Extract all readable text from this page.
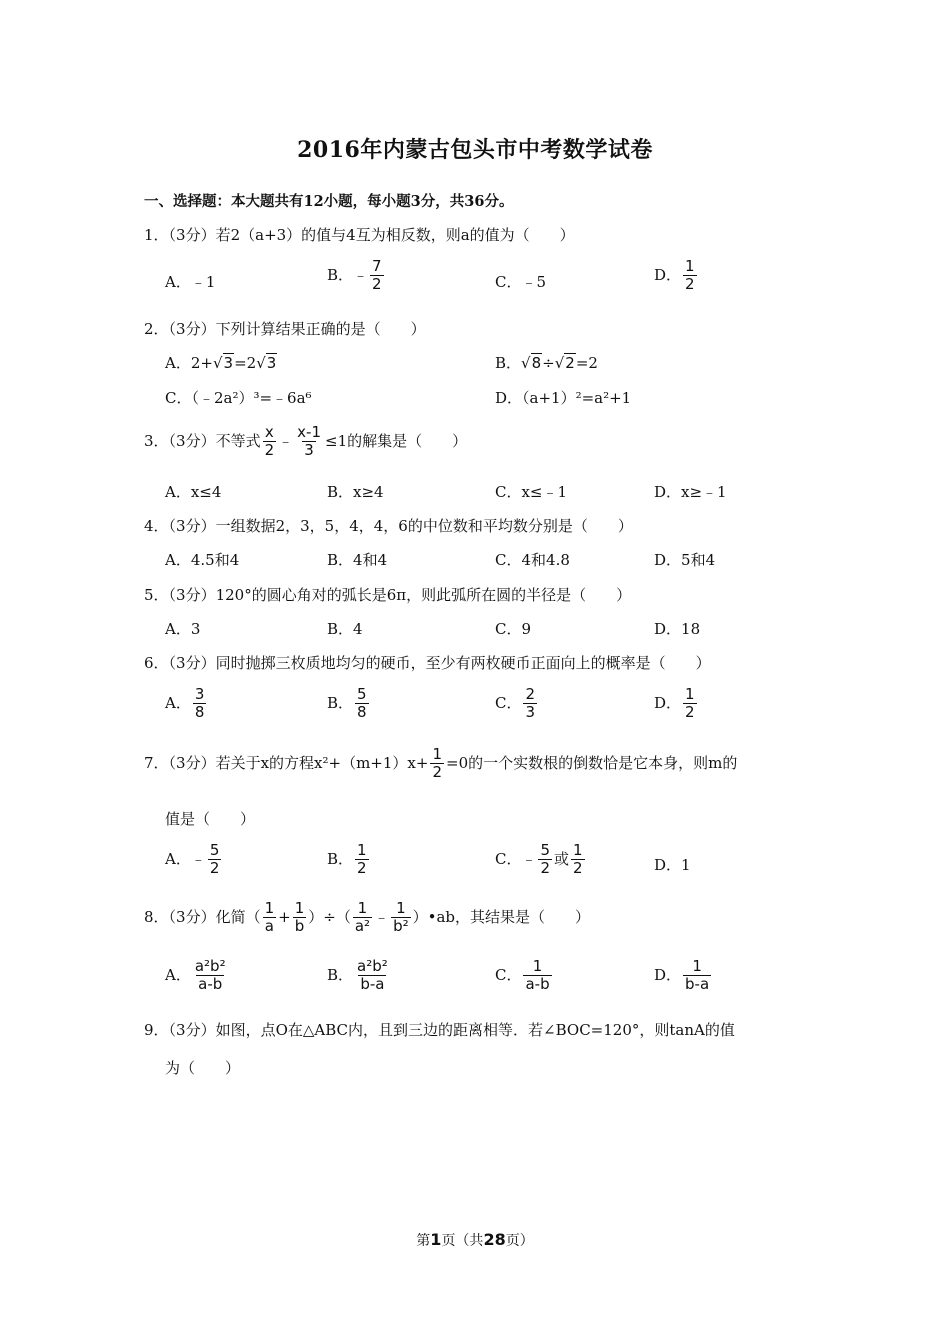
2016年内蒙古包头市中考数学试卷
一、选择题：本大题共有12小题，每小题3分，共36分。
1．（3分）若2（a+3）的值与4互为相反数，则a的值为（　　）
A．﹣1	B．﹣ $\frac{7}{2}$	C．﹣5	D． $\frac{1}{2}$
2．（3分）下列计算结果正确的是（　　）
A．2+√3=2√3	B．√8÷√2=2
C．（﹣2a²）³=﹣6a⁶	D．（a+1）²=a²+1
3．（3分）不等式 $\frac{x}{2}$ ﹣ $\frac{x-1}{3} \le 1$的解集是（　　）
A．x≤4	B．x≥4	C．x≤﹣1	D．x≥﹣1
4．（3分）一组数据2，3，5，4，4，6的中位数和平均数分别是（　　）
A．4.5和4	B．4和4	C．4和4.8	D．5和4
5．（3分）120°的圆心角对的弧长是6π，则此弧所在圆的半径是（　　）
A．3	B．4	C．9	D．18
6．（3分）同时抛掷三枚质地均匀的硬币，至少有两枚硬币正面向上的概率是（　　）
A． $\frac{3}{8}$	B． $\frac{5}{8}$	C． $\frac{2}{3}$	D． $\frac{1}{2}$
7．（3分）若关于x的方程$x^2+(m+1)x+ \frac{1}{2} =0$的一个实数根的倒数恰是它本身，则m的
值是（　　）
A．﹣ $\frac{5}{2}$	B． $\frac{1}{2}$	C．﹣ $\frac{5}{2}$ 或 $\frac{1}{2}$	D．1
8．（3分）化简（ $\frac{1}{a} + \frac{1}{b}$ ）÷（ $\frac{1}{\text{a²}}$ ﹣ $\frac{1}{\text{b²}}$ ）•ab，其结果是（　　）
A． $\frac{\text{a²b²}}{a-b}$	B． $\frac{\text{a²b²}}{b-a}$	C． $\frac{1}{a-b}$	D． $\frac{1}{b-a}$
9．（3分）如图，点O在△ABC内，且到三边的距离相等．若∠BOC=120°，则tanA的值
为（　　）
第1页（共28页）
